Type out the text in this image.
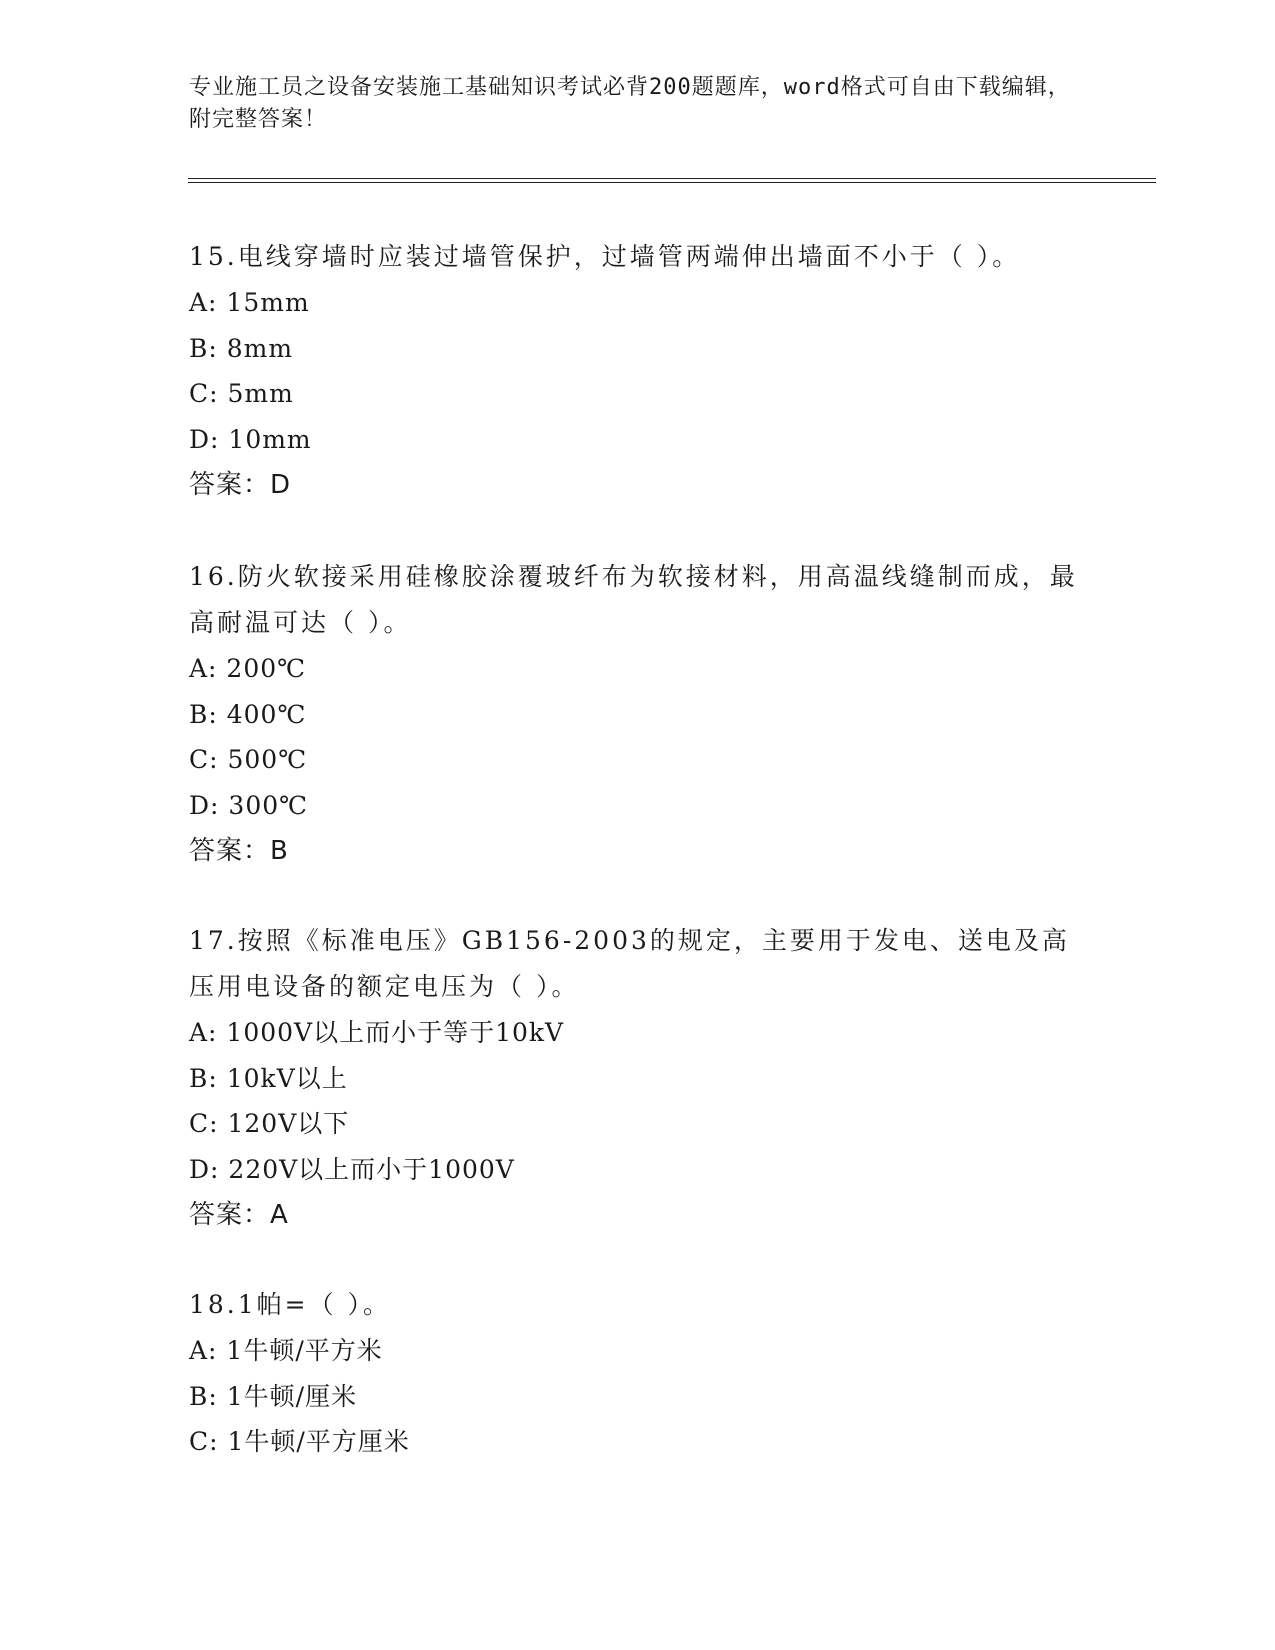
专业施工员之设备安装施工基础知识考试必背200题题库，word格式可自由下载编辑，附完整答案！

15.电线穿墙时应装过墙管保护，过墙管两端伸出墙面不小于（ ）。

A: 15mm

B: 8mm

C: 5mm

D: 10mm

答案：D

16.防火软接采用硅橡胶涂覆玻纤布为软接材料，用高温线缝制而成，最高耐温可达（ ）。

A: 200℃

B: 400℃

C: 500℃

D: 300℃

答案：B

17.按照《标准电压》GB156-2003的规定，主要用于发电、送电及高压用电设备的额定电压为（ ）。

A: 1000V以上而小于等于10kV

B: 10kV以上

C: 120V以下

D: 220V以上而小于1000V

答案：A

18.1帕=（ ）。

A: 1牛顿/平方米

B: 1牛顿/厘米

C: 1牛顿/平方厘米
